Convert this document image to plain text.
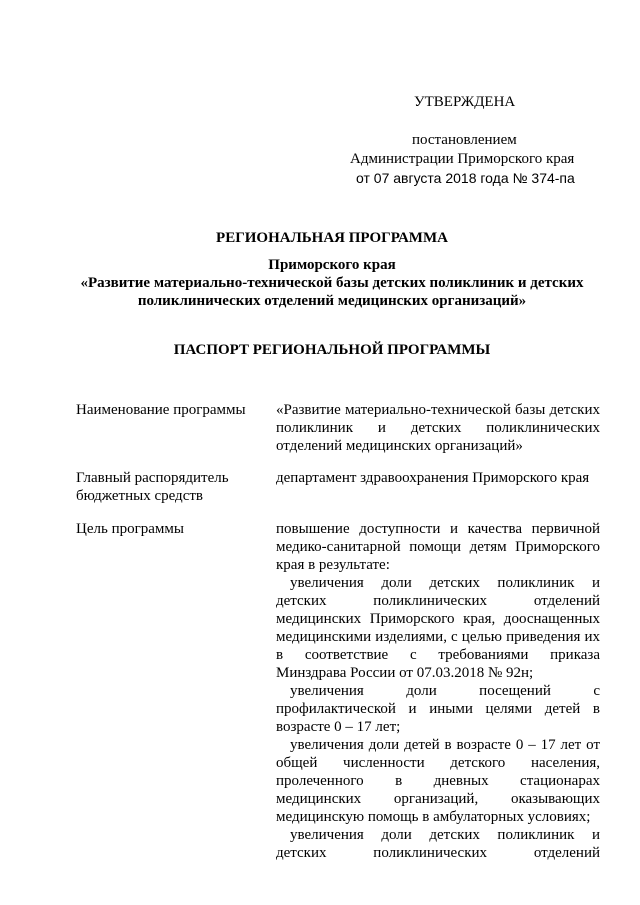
УТВЕРЖДЕНА
постановлением
Администрации Приморского края
от 07 августа 2018 года № 374-па
РЕГИОНАЛЬНАЯ ПРОГРАММА
Приморского края
«Развитие материально-технической базы детских поликлиник и детских
поликлинических отделений медицинских организаций»
ПАСПОРТ РЕГИОНАЛЬНОЙ ПРОГРАММЫ
Наименование программы	«Развитие материально-технической базы детских
поликлиник и детских поликлинических
отделений медицинских организаций»
Главный распорядитель
бюджетных средств
департамент здравоохранения Приморского края
Цель программы	повышение доступности и качества первичной
медико-санитарной помощи детям Приморского
края в результате:
увеличения доли детских поликлиник и
детских поликлинических отделений
медицинских Приморского края, дооснащенных
медицинскими изделиями, с целью приведения их
в соответствие с требованиями приказа
Минздрава России от 07.03.2018 № 92н;
увеличения доли посещений с
профилактической и иными целями детей в
возрасте 0 – 17 лет;
увеличения доли детей в возрасте 0 – 17 лет от
общей численности детского населения,
пролеченного в дневных стационарах
медицинских организаций, оказывающих
медицинскую помощь в амбулаторных условиях;
увеличения доли детских поликлиник и
детских поликлинических отделений
